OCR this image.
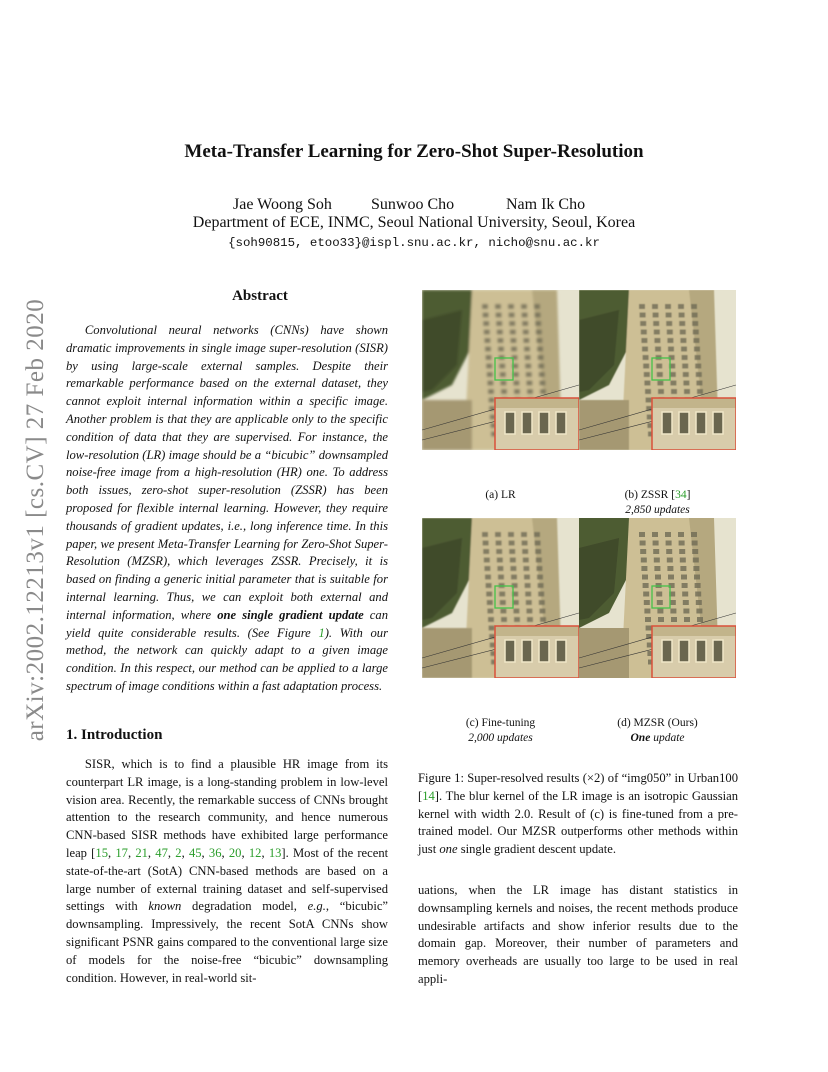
arXiv:2002.12213v1 [cs.CV] 27 Feb 2020
Meta-Transfer Learning for Zero-Shot Super-Resolution
Jae Woong Soh Sunwoo Cho	Nam Ik Cho
Department of ECE, INMC, Seoul National University, Seoul, Korea
{soh90815, etoo33}@ispl.snu.ac.kr, nicho@snu.ac.kr
Abstract

Convolutional neural networks (CNNs) have shown dramatic improvements in single image super-resolution (SISR) by using large-scale external samples. Despite their remarkable performance based on the external dataset, they cannot exploit internal information within a specific image. Another problem is that they are applicable only to the specific condition of data that they are supervised. For instance, the low-resolution (LR) image should be a “bicubic” downsampled noise-free image from a high-resolution (HR) one. To address both issues, zero-shot super-resolution (ZSSR) has been proposed for flexible internal learning. However, they require thousands of gradient updates, i.e., long inference time. In this paper, we present Meta-Transfer Learning for Zero-Shot Super-Resolution (MZSR), which leverages ZSSR. Precisely, it is based on finding a generic initial parameter that is suitable for internal learning. Thus, we can exploit both external and internal information, where one single gradient update can yield quite considerable results. (See Figure 1). With our method, the network can quickly adapt to a given image condition. In this respect, our method can be applied to a large spectrum of image conditions within a fast adaptation process.

1. Introduction

SISR, which is to find a plausible HR image from its counterpart LR image, is a long-standing problem in low-level vision area. Recently, the remarkable success of CNNs brought attention to the research community, and hence numerous CNN-based SISR methods have exhibited large performance leap [15, 17, 21, 47, 2, 45, 36, 20, 12, 13]. Most of the recent state-of-the-art (SotA) CNN-based methods are based on a large number of external training dataset and self-supervised settings with known degradation model, e.g., “bicubic” downsampling. Impressively, the recent SotA CNNs show significant PSNR gains compared to the conventional large size of models for the noise-free “bicubic” downsampling condition. However, in real-world sit-

(a) LR	(b) ZSSR [34]
2,850 updates
(c) Fine-tuning
2,000 updates
(d) MZSR (Ours)
One update
Figure 1: Super-resolved results (×2) of “img050” in Urban100 [14]. The blur kernel of the LR image is an isotropic Gaussian kernel with width 2.0. Result of (c) is fine-tuned from a pre-trained model. Our MZSR outperforms other methods within just one single gradient descent update.
uations, when the LR image has distant statistics in downsampling kernels and noises, the recent methods produce undesirable artifacts and show inferior results due to the domain gap. Moreover, their number of parameters and memory overheads are usually too large to be used in real appli-
